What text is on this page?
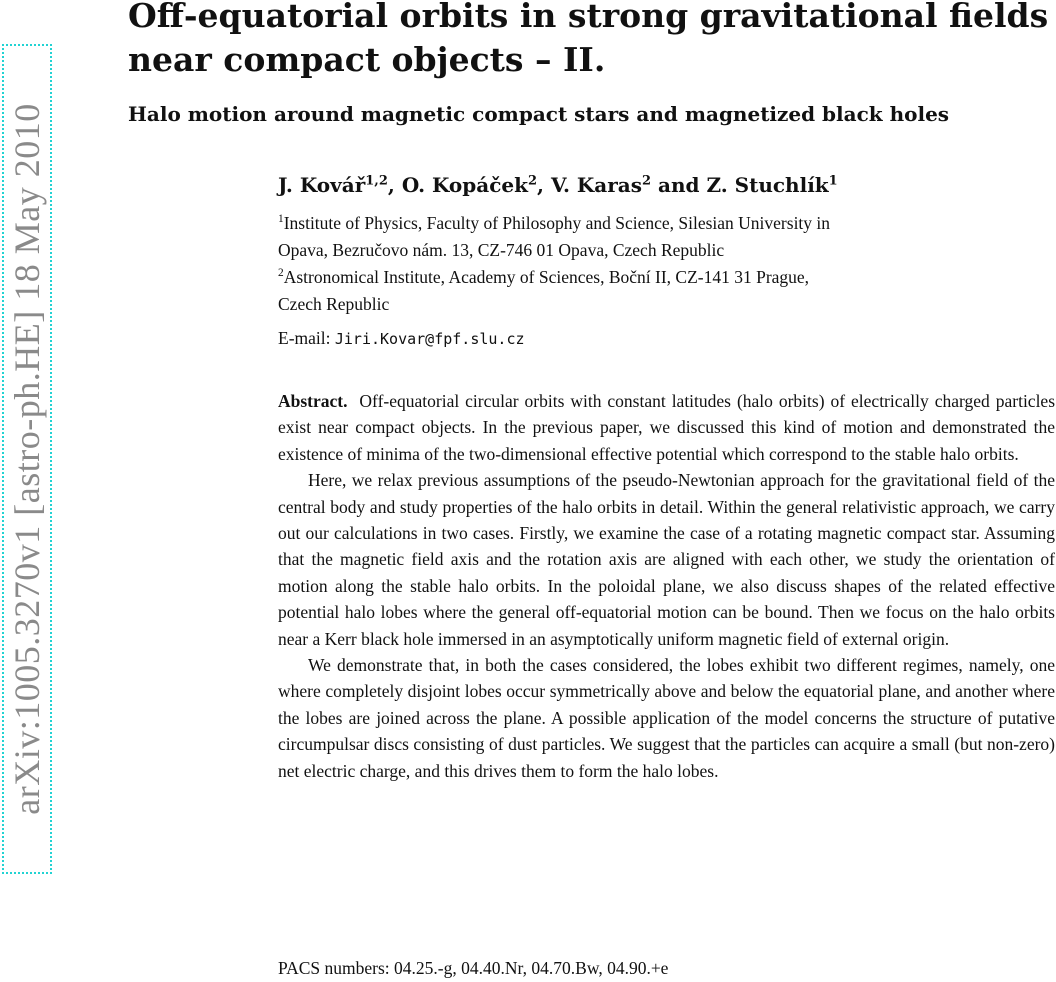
arXiv:1005.3270v1 [astro-ph.HE] 18 May 2010
Off-equatorial orbits in strong gravitational fields
near compact objects – II.
Halo motion around magnetic compact stars and magnetized black holes
J. Kovář$^{1,2}$, O. Kopáček$^2$, V. Karas$^2$ and Z. Stuchlík$^1$
$^1$Institute of Physics, Faculty of Philosophy and Science, Silesian University in
Opava, Bezručovo nám. 13, CZ-746 01 Opava, Czech Republic
$^2$Astronomical Institute, Academy of Sciences, Boční II, CZ-141 31 Prague,
Czech Republic
E-mail: Jiri.Kovar@fpf.slu.cz

Abstract. Off-equatorial circular orbits with constant latitudes (halo orbits) of electrically charged particles exist near compact objects. In the previous paper, we discussed this kind of motion and demonstrated the existence of minima of the two-dimensional effective potential which correspond to the stable halo orbits.

Here, we relax previous assumptions of the pseudo-Newtonian approach for the gravitational field of the central body and study properties of the halo orbits in detail. Within the general relativistic approach, we carry out our calculations in two cases. Firstly, we examine the case of a rotating magnetic compact star. Assuming that the magnetic field axis and the rotation axis are aligned with each other, we study the orientation of motion along the stable halo orbits. In the poloidal plane, we also discuss shapes of the related effective potential halo lobes where the general off-equatorial motion can be bound. Then we focus on the halo orbits near a Kerr black hole immersed in an asymptotically uniform magnetic field of external origin.

We demonstrate that, in both the cases considered, the lobes exhibit two different regimes, namely, one where completely disjoint lobes occur symmetrically above and below the equatorial plane, and another where the lobes are joined across the plane. A possible application of the model concerns the structure of putative circumpulsar discs consisting of dust particles. We suggest that the particles can acquire a small (but non-zero) net electric charge, and this drives them to form the halo lobes.

PACS numbers: 04.25.-g, 04.40.Nr, 04.70.Bw, 04.90.+e
